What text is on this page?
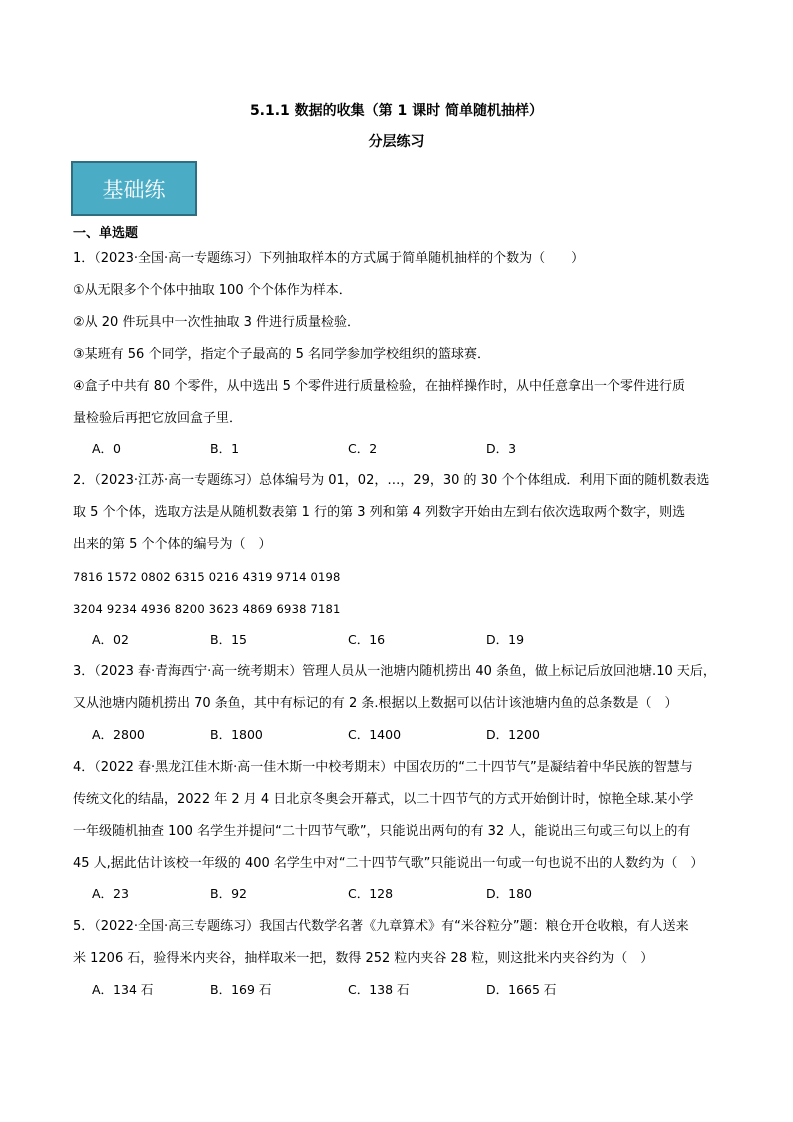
5.1.1 数据的收集（第 1 课时 简单随机抽样）
分层练习
基础练
一、单选题
1．（2023·全国·高一专题练习）下列抽取样本的方式属于简单随机抽样的个数为（　　）
①从无限多个个体中抽取 100 个个体作为样本．
②从 20 件玩具中一次性抽取 3 件进行质量检验．
③某班有 56 个同学，指定个子最高的 5 名同学参加学校组织的篮球赛．
④盒子中共有 80 个零件，从中选出 5 个零件进行质量检验，在抽样操作时，从中任意拿出一个零件进行质
量检验后再把它放回盒子里．
A．0	B．1	C．2	D．3
2．（2023·江苏·高一专题练习）总体编号为 01，02，…，29，30 的 30 个个体组成．利用下面的随机数表选
取 5 个个体，选取方法是从随机数表第 1 行的第 3 列和第 4 列数字开始由左到右依次选取两个数字，则选
出来的第 5 个个体的编号为（　）
7816 1572 0802 6315 0216 4319 9714 0198
3204 9234 4936 8200 3623 4869 6938 7181
A．02	B．15	C．16	D．19
3．（2023 春·青海西宁·高一统考期末）管理人员从一池塘内随机捞出 40 条鱼，做上标记后放回池塘.10 天后，
又从池塘内随机捞出 70 条鱼，其中有标记的有 2 条.根据以上数据可以估计该池塘内鱼的总条数是（　）
A．2800	B．1800	C．1400	D．1200
4．（2022 春·黑龙江佳木斯·高一佳木斯一中校考期末）中国农历的“二十四节气”是凝结着中华民族的智慧与
传统文化的结晶，2022 年 2 月 4 日北京冬奥会开幕式，以二十四节气的方式开始倒计时，惊艳全球.某小学
一年级随机抽查 100 名学生并提问“二十四节气歌”，只能说出两句的有 32 人，能说出三句或三句以上的有
45 人,据此估计该校一年级的 400 名学生中对“二十四节气歌”只能说出一句或一句也说不出的人数约为（　）
A．23	B．92	C．128	D．180
5．（2022·全国·高三专题练习）我国古代数学名著《九章算术》有“米谷粒分”题：粮仓开仓收粮，有人送来
米 1206 石，验得米内夹谷，抽样取米一把，数得 252 粒内夹谷 28 粒，则这批米内夹谷约为（　）
A．134 石	B．169 石	C．138 石	D．1665 石
